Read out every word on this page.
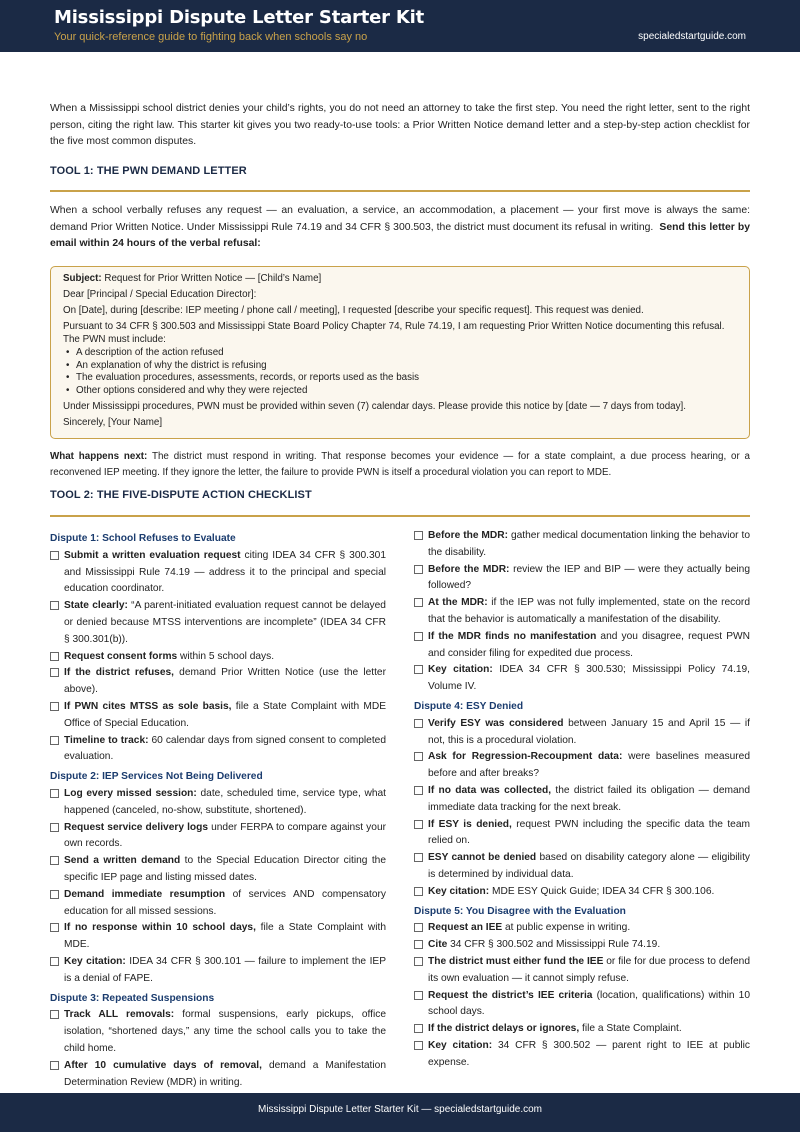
Mississippi Dispute Letter Starter Kit
Your quick-reference guide to fighting back when schools say no	specialedstartguide.com

When a Mississippi school district denies your child’s rights, you do not need an attorney to take the first step. You need the right letter, sent to the right person, citing the right law. This starter kit gives you two ready-to-use tools: a Prior Written Notice demand letter and a step-by-step action checklist for the five most common disputes.

TOOL 1: THE PWN DEMAND LETTER

When a school verbally refuses any request — an evaluation, a service, an accommodation, a placement — your first move is always the same: demand Prior Written Notice. Under Mississippi Rule 74.19 and 34 CFR § 300.503, the district must document its refusal in writing. Send this letter by email within 24 hours of the verbal refusal:

Subject: Request for Prior Written Notice — [Child’s Name]
Dear [Principal / Special Education Director]:
On [Date], during [describe: IEP meeting / phone call / meeting], I requested [describe your specific request]. This request was denied.
Pursuant to 34 CFR § 300.503 and Mississippi State Board Policy Chapter 74, Rule 74.19, I am requesting Prior Written Notice documenting this refusal. The PWN must include:
• A description of the action refused
• An explanation of why the district is refusing
• The evaluation procedures, assessments, records, or reports used as the basis
• Other options considered and why they were rejected
Under Mississippi procedures, PWN must be provided within seven (7) calendar days. Please provide this notice by [date — 7 days from today].
Sincerely, [Your Name]

What happens next: The district must respond in writing. That response becomes your evidence — for a state complaint, a due process hearing, or a reconvened IEP meeting. If they ignore the letter, the failure to provide PWN is itself a procedural violation you can report to MDE.

TOOL 2: THE FIVE-DISPUTE ACTION CHECKLIST
Dispute 1: School Refuses to Evaluate
Submit a written evaluation request citing IDEA 34 CFR § 300.301 and Mississippi Rule 74.19 — address it to the principal and special education coordinator.
State clearly: “A parent-initiated evaluation request cannot be delayed or denied because MTSS interventions are incomplete” (IDEA 34 CFR § 300.301(b)).
Request consent forms within 5 school days.
If the district refuses, demand Prior Written Notice (use the letter above).
If PWN cites MTSS as sole basis, file a State Complaint with MDE Office of Special Education.
Timeline to track: 60 calendar days from signed consent to completed evaluation.
Dispute 2: IEP Services Not Being Delivered
Log every missed session: date, scheduled time, service type, what happened (canceled, no-show, substitute, shortened).
Request service delivery logs under FERPA to compare against your own records.
Send a written demand to the Special Education Director citing the specific IEP page and listing missed dates.
Demand immediate resumption of services AND compensatory education for all missed sessions.
If no response within 10 school days, file a State Complaint with MDE.
Key citation: IDEA 34 CFR § 300.101 — failure to implement the IEP is a denial of FAPE.
Dispute 3: Repeated Suspensions
Track ALL removals: formal suspensions, early pickups, office isolation, “shortened days,” any time the school calls you to take the child home.
After 10 cumulative days of removal, demand a Manifestation Determination Review (MDR) in writing.
Before the MDR: gather medical documentation linking the behavior to the disability.
Before the MDR: review the IEP and BIP — were they actually being followed?
At the MDR: if the IEP was not fully implemented, state on the record that the behavior is automatically a manifestation of the disability.
If the MDR finds no manifestation and you disagree, request PWN and consider filing for expedited due process.
Key citation: IDEA 34 CFR § 300.530; Mississippi Policy 74.19, Volume IV.
Dispute 4: ESY Denied
Verify ESY was considered between January 15 and April 15 — if not, this is a procedural violation.
Ask for Regression-Recoupment data: were baselines measured before and after breaks?
If no data was collected, the district failed its obligation — demand immediate data tracking for the next break.
If ESY is denied, request PWN including the specific data the team relied on.
ESY cannot be denied based on disability category alone — eligibility is determined by individual data.
Key citation: MDE ESY Quick Guide; IDEA 34 CFR § 300.106.
Dispute 5: You Disagree with the Evaluation
Request an IEE at public expense in writing.
Cite 34 CFR § 300.502 and Mississippi Rule 74.19.
The district must either fund the IEE or file for due process to defend its own evaluation — it cannot simply refuse.
Request the district’s IEE criteria (location, qualifications) within 10 school days.
If the district delays or ignores, file a State Complaint.
Key citation: 34 CFR § 300.502 — parent right to IEE at public expense.
Mississippi Dispute Letter Starter Kit — specialedstartguide.com
